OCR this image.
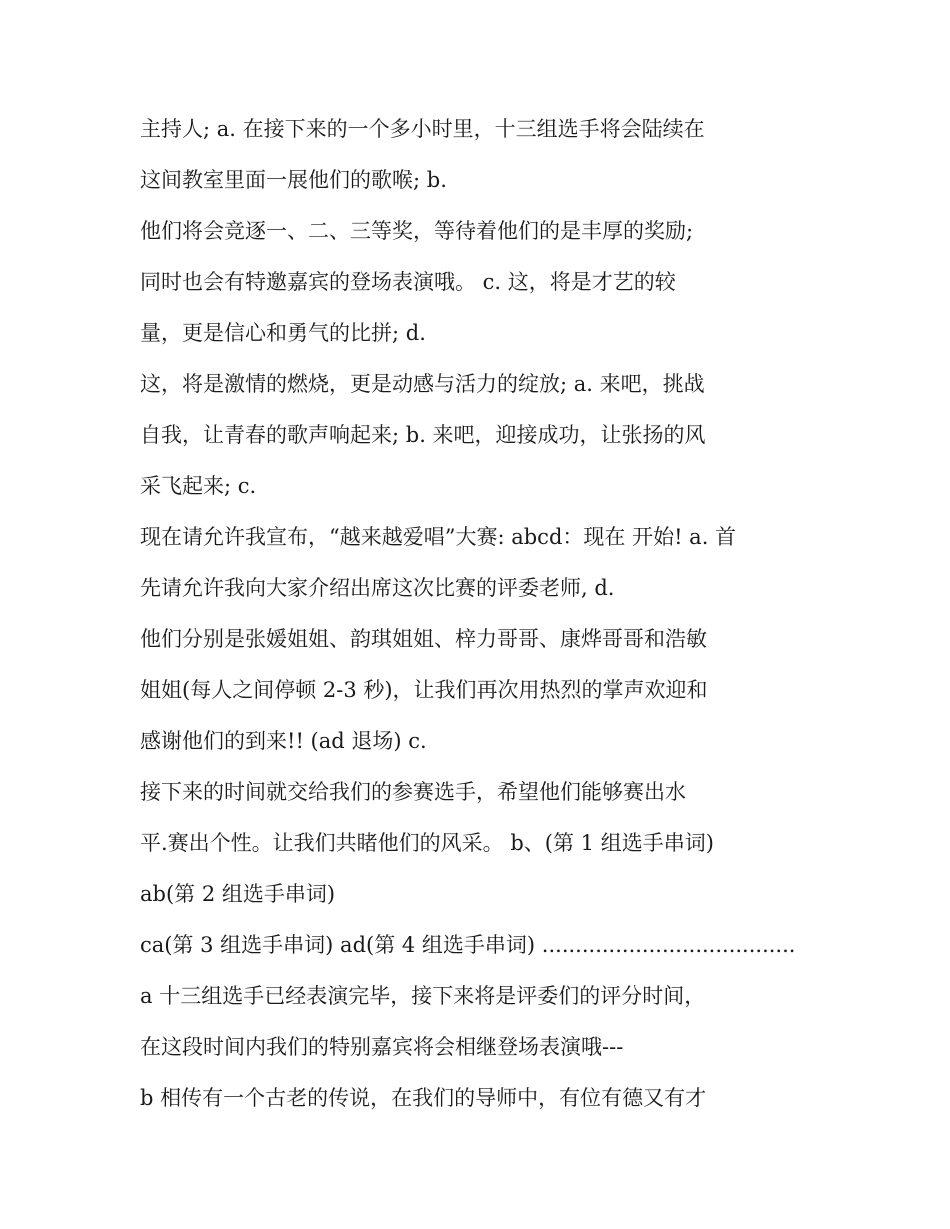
主持人; a. 在接下来的一个多小时里，十三组选手将会陆续在
这间教室里面一展他们的歌喉; b.
他们将会竞逐一、二、三等奖，等待着他们的是丰厚的奖励;
同时也会有特邀嘉宾的登场表演哦。 c. 这，将是才艺的较
量，更是信心和勇气的比拼; d.
这，将是激情的燃烧，更是动感与活力的绽放; a. 来吧，挑战
自我，让青春的歌声响起来; b. 来吧，迎接成功，让张扬的风
采飞起来; c.
现在请允许我宣布，“越来越爱唱”大赛: abcd：现在 开始! a. 首
先请允许我向大家介绍出席这次比赛的评委老师, d.
他们分别是张媛姐姐、韵琪姐姐、梓力哥哥、康烨哥哥和浩敏
姐姐(每人之间停顿 2-3 秒)，让我们再次用热烈的掌声欢迎和
感谢他们的到来!! (ad 退场) c.
接下来的时间就交给我们的参赛选手，希望他们能够赛出水
平.赛出个性。让我们共睹他们的风采。 b、(第 1 组选手串词)
ab(第 2 组选手串词)
ca(第 3 组选手串词) ad(第 4 组选手串词) ......................................
a 十三组选手已经表演完毕，接下来将是评委们的评分时间，
在这段时间内我们的特别嘉宾将会相继登场表演哦---
b 相传有一个古老的传说，在我们的导师中，有位有德又有才
